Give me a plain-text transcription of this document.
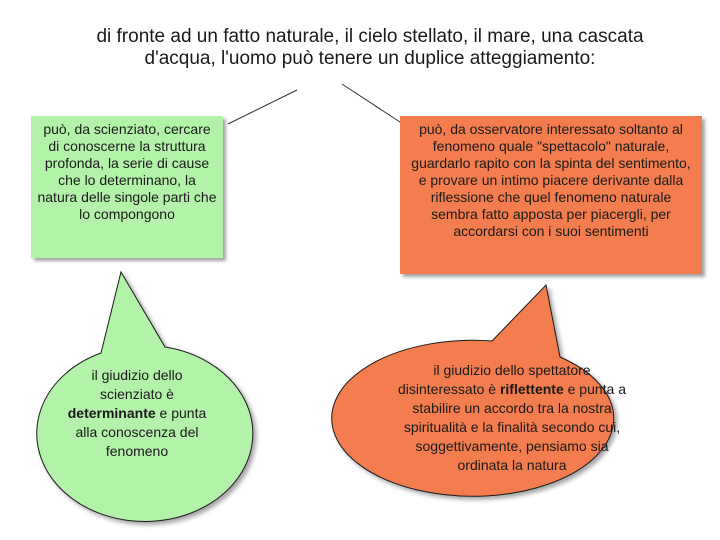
di fronte ad un fatto naturale, il cielo stellato, il mare, una cascata
d'acqua, l'uomo può tenere un duplice atteggiamento:
può, da scienziato, cercare di conoscerne la struttura profonda, la serie di cause che lo determinano, la natura delle singole parti che lo compongono
può, da osservatore interessato soltanto al fenomeno quale "spettacolo" naturale, guardarlo rapito con la spinta del sentimento, e provare un intimo piacere derivante dalla riflessione che quel fenomeno naturale sembra fatto apposta per piacergli, per accordarsi con i suoi sentimenti
il giudizio dello scienziato è determinante e punta alla conoscenza del fenomeno
il giudizio dello spettatore disinteressato è riflettente e punta a stabilire un accordo tra la nostra spiritualità e la finalità secondo cui, soggettivamente, pensiamo sia ordinata la natura
